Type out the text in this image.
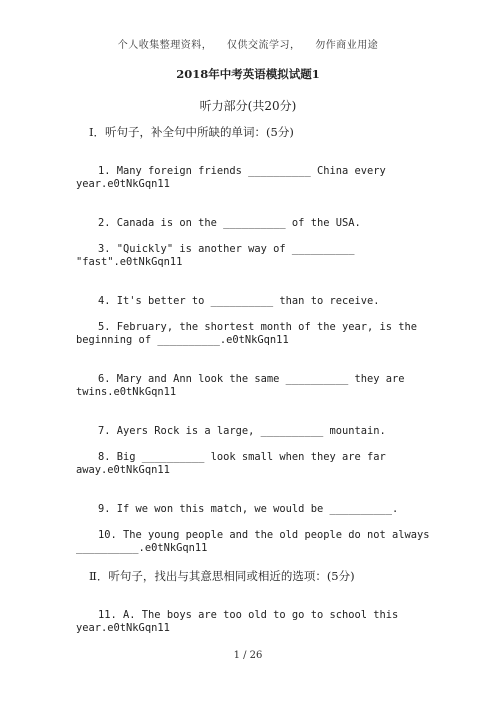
个人收集整理资料，    仅供交流学习，    勿作商业用途
2018年中考英语模拟试题1
听力部分(共20分)
Ⅰ．听句子，补全句中所缺的单词：(5分)

1. Many foreign friends __________ China every

year.e0tNkGqn11

2. Canada is on the __________ of the USA.

3. "Quickly" is another way of __________

"fast".e0tNkGqn11

4. It's better to __________ than to receive.

5. February, the shortest month of the year, is the

beginning of __________.e0tNkGqn11

6. Mary and Ann look the same __________ they are

twins.e0tNkGqn11

7. Ayers Rock is a large, __________ mountain.

8. Big __________ look small when they are far

away.e0tNkGqn11

9. If we won this match, we would be __________.

10. The young people and the old people do not always

__________.e0tNkGqn11

Ⅱ．听句子，找出与其意思相同或相近的选项：(5分)

11. A. The boys are too old to go to school this

year.e0tNkGqn11

1 / 26
